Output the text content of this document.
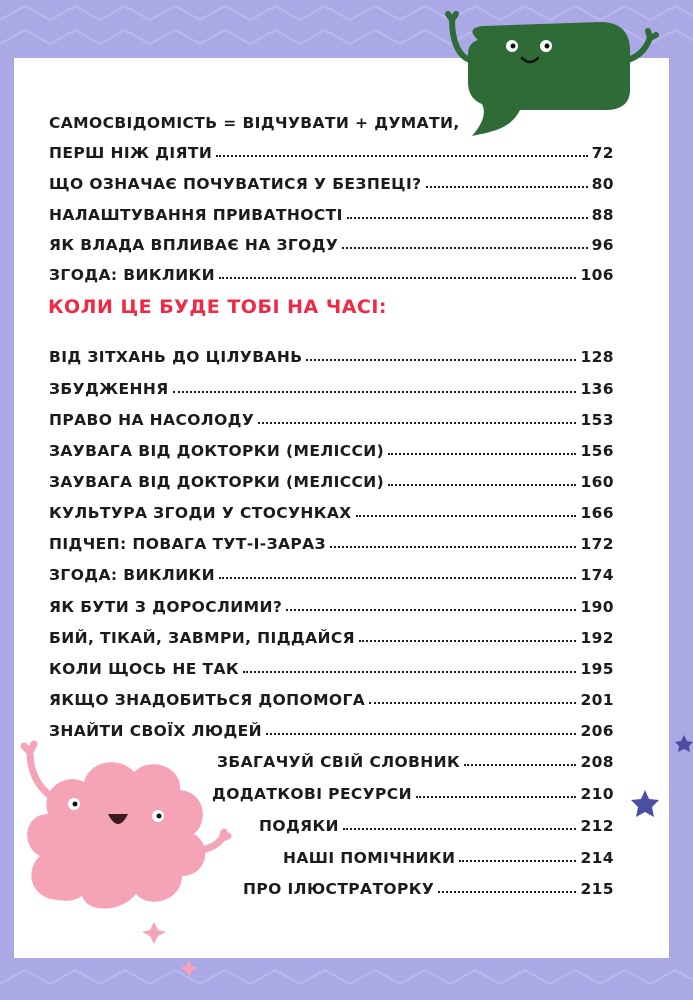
САМОСВІДОМІСТЬ = ВІДЧУВАТИ + ДУМАТИ,
ПЕРШ НІЖ ДІЯТИ	72
ЩО ОЗНАЧАЄ ПОЧУВАТИСЯ У БЕЗПЕЦІ?	80
НАЛАШТУВАННЯ ПРИВАТНОСТІ	88
ЯК ВЛАДА ВПЛИВАЄ НА ЗГОДУ	96
ЗГОДА: ВИКЛИКИ	106
КОЛИ ЦЕ БУДЕ ТОБІ НА ЧАСІ:
ВІД ЗІТХАНЬ ДО ЦІЛУВАНЬ	128
ЗБУДЖЕННЯ	136
ПРАВО НА НАСОЛОДУ	153
ЗАУВАГА ВІД ДОКТОРКИ (МЕЛІССИ)	156
ЗАУВАГА ВІД ДОКТОРКИ (МЕЛІССИ)	160
КУЛЬТУРА ЗГОДИ У СТОСУНКАХ	166
ПІДЧЕП: ПОВАГА ТУТ-І-ЗАРАЗ	172
ЗГОДА: ВИКЛИКИ	174
ЯК БУТИ З ДОРОСЛИМИ?	190
БИЙ, ТІКАЙ, ЗАВМРИ, ПІДДАЙСЯ	192
КОЛИ ЩОСЬ НЕ ТАК	195
ЯКЩО ЗНАДОБИТЬСЯ ДОПОМОГА	201
ЗНАЙТИ СВОЇХ ЛЮДЕЙ	206
ЗБАГАЧУЙ СВІЙ СЛОВНИК	208
ДОДАТКОВІ РЕСУРСИ	210
ПОДЯКИ	212
НАШІ ПОМІЧНИКИ	214
ПРО ІЛЮСТРАТОРКУ	215
